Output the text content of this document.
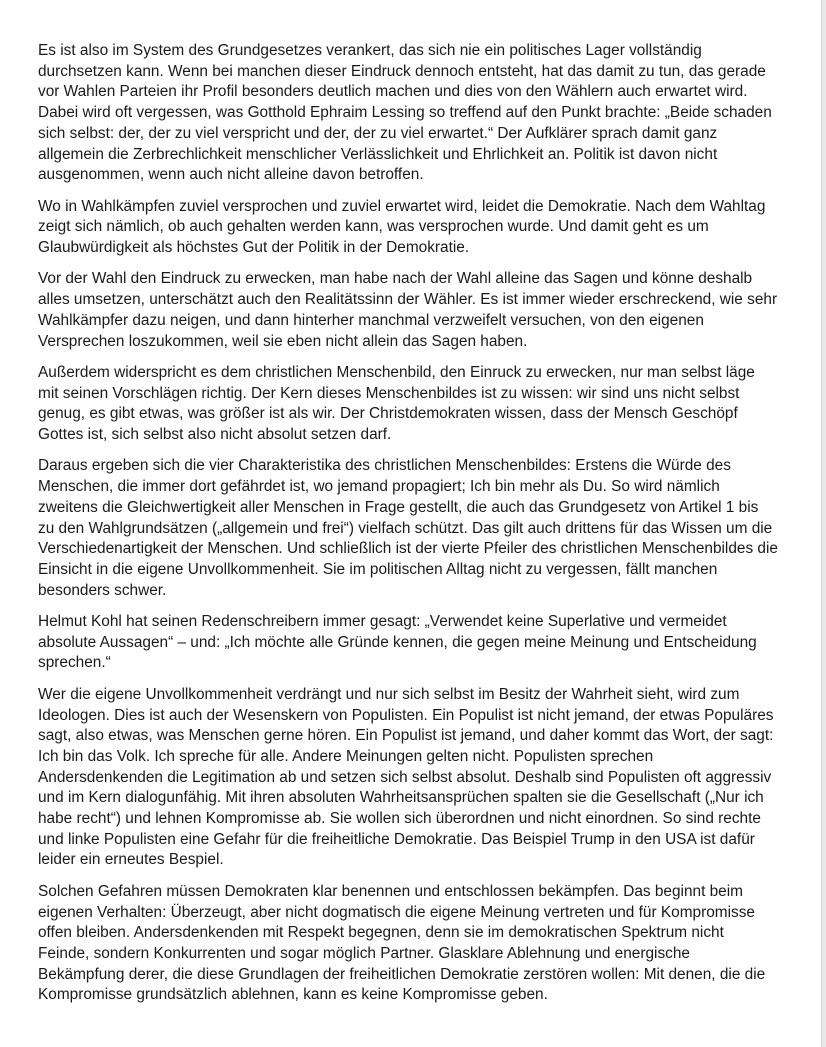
Es ist also im System des Grundgesetzes verankert, das sich nie ein politisches Lager vollständig durchsetzen kann. Wenn bei manchen dieser Eindruck dennoch entsteht, hat das damit zu tun, das gerade vor Wahlen Parteien ihr Profil besonders deutlich machen und dies von den Wählern auch erwartet wird. Dabei wird oft vergessen, was Gotthold Ephraim Lessing so treffend auf den Punkt brachte: „Beide schaden sich selbst: der, der zu viel verspricht und der, der zu viel erwartet.“ Der Aufklärer sprach damit ganz allgemein die Zerbrechlichkeit menschlicher Verlässlichkeit und Ehrlichkeit an. Politik ist davon nicht ausgenommen, wenn auch nicht alleine davon betroffen.

Wo in Wahlkämpfen zuviel versprochen und zuviel erwartet wird, leidet die Demokratie. Nach dem Wahltag zeigt sich nämlich, ob auch gehalten werden kann, was versprochen wurde. Und damit geht es um Glaubwürdigkeit als höchstes Gut der Politik in der Demokratie.

Vor der Wahl den Eindruck zu erwecken, man habe nach der Wahl alleine das Sagen und könne deshalb alles umsetzen, unterschätzt auch den Realitätssinn der Wähler. Es ist immer wieder erschreckend, wie sehr Wahlkämpfer dazu neigen, und dann hinterher manchmal verzweifelt versuchen, von den eigenen Versprechen loszukommen, weil sie eben nicht allein das Sagen haben.

Außerdem widerspricht es dem christlichen Menschenbild, den Einruck zu erwecken, nur man selbst läge mit seinen Vorschlägen richtig. Der Kern dieses Menschenbildes ist zu wissen: wir sind uns nicht selbst genug, es gibt etwas, was größer ist als wir. Der Christdemokraten wissen, dass der Mensch Geschöpf Gottes ist, sich selbst also nicht absolut setzen darf.

Daraus ergeben sich die vier Charakteristika des christlichen Menschenbildes: Erstens die Würde des Menschen, die immer dort gefährdet ist, wo jemand propagiert; Ich bin mehr als Du. So wird nämlich zweitens die Gleichwertigkeit aller Menschen in Frage gestellt, die auch das Grundgesetz von Artikel 1 bis zu den Wahlgrundsätzen („allgemein und frei“) vielfach schützt. Das gilt auch drittens für das Wissen um die Verschiedenartigkeit der Menschen. Und schließlich ist der vierte Pfeiler des christlichen Menschenbildes die Einsicht in die eigene Unvollkommenheit. Sie im politischen Alltag nicht zu vergessen, fällt manchen besonders schwer.

Helmut Kohl hat seinen Redenschreibern immer gesagt: „Verwendet keine Superlative und vermeidet absolute Aussagen“ – und: „Ich möchte alle Gründe kennen, die gegen meine Meinung und Entscheidung sprechen.“

Wer die eigene Unvollkommenheit verdrängt und nur sich selbst im Besitz der Wahrheit sieht, wird zum Ideologen. Dies ist auch der Wesenskern von Populisten. Ein Populist ist nicht jemand, der etwas Populäres sagt, also etwas, was Menschen gerne hören. Ein Populist ist jemand, und daher kommt das Wort, der sagt: Ich bin das Volk. Ich spreche für alle. Andere Meinungen gelten nicht. Populisten sprechen Andersdenkenden die Legitimation ab und setzen sich selbst absolut. Deshalb sind Populisten oft aggressiv und im Kern dialogunfähig. Mit ihren absoluten Wahrheitsansprüchen spalten sie die Gesellschaft („Nur ich habe recht“) und lehnen Kompromisse ab. Sie wollen sich überordnen und nicht einordnen. So sind rechte und linke Populisten eine Gefahr für die freiheitliche Demokratie. Das Beispiel Trump in den USA ist dafür leider ein erneutes Bespiel.

Solchen Gefahren müssen Demokraten klar benennen und entschlossen bekämpfen. Das beginnt beim eigenen Verhalten: Überzeugt, aber nicht dogmatisch die eigene Meinung vertreten und für Kompromisse offen bleiben. Andersdenkenden mit Respekt begegnen, denn sie im demokratischen Spektrum nicht Feinde, sondern Konkurrenten und sogar möglich Partner. Glasklare Ablehnung und energische Bekämpfung derer, die diese Grundlagen der freiheitlichen Demokratie zerstören wollen: Mit denen, die die Kompromisse grundsätzlich ablehnen, kann es keine Kompromisse geben.
